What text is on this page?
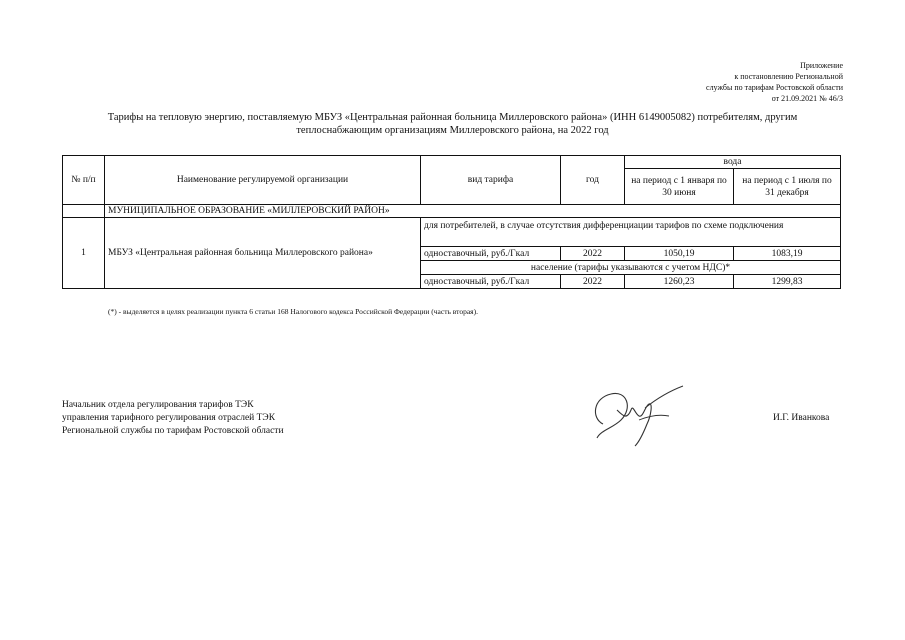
Приложение
к постановлению Региональной
службы по тарифам Ростовской области
от 21.09.2021 № 46/3
Тарифы на тепловую энергию, поставляемую МБУЗ «Центральная районная больница Миллеровского района» (ИНН 6149005082) потребителям, другим
теплоснабжающим организациям Миллеровского района, на 2022 год
№ п/п	Наименование регулируемой организации	вид тарифа	год	вода	
				на период с 1 января по 30 июня	на период с 1 июля по 31 декабря
	МУНИЦИПАЛЬНОЕ ОБРАЗОВАНИЕ «МИЛЛЕРОВСКИЙ РАЙОН»				
1	МБУЗ «Центральная районная больница Миллеровского района»	для потребителей, в случае отсутствия дифференциации тарифов по схеме подключения			
		одноставочный, руб./Гкал	2022	1050,19	1083,19
		население (тарифы указываются с учетом НДС)*			
		одноставочный, руб./Гкал	2022	1260,23	1299,83
(*) - выделяется в целях реализации пункта 6 статьи 168 Налогового кодекса Российской Федерации (часть вторая).
Начальник отдела регулирования тарифов ТЭК
управления тарифного регулирования отраслей ТЭК
Региональной службы по тарифам Ростовской области
И.Г. Иванкова
